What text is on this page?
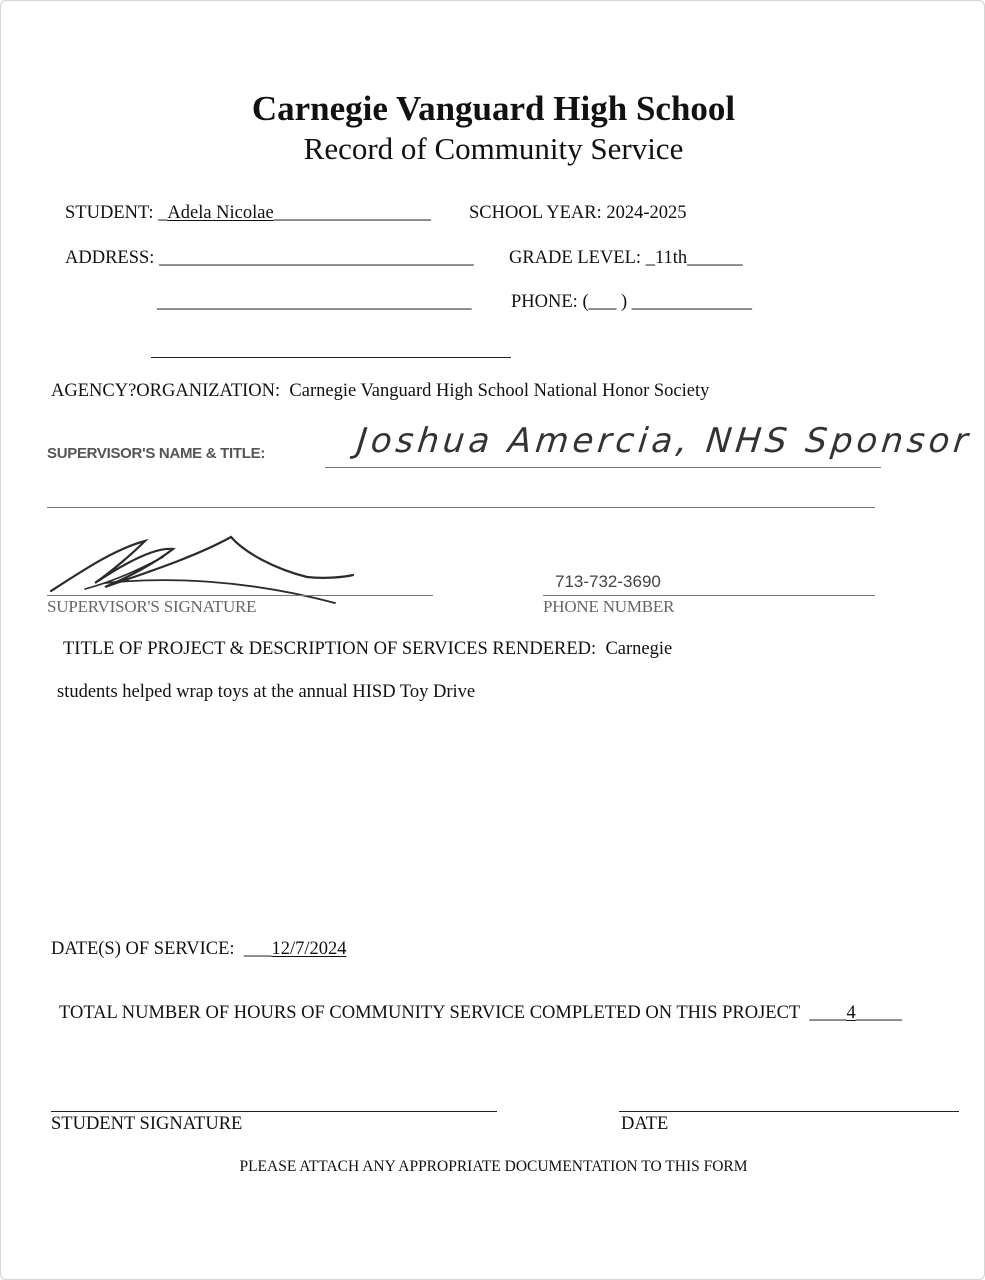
Carnegie Vanguard High School
Record of Community Service
STUDENT: _Adela Nicolae_________________ SCHOOL YEAR: 2024-2025
ADDRESS: __________________________________ GRADE LEVEL: _11th______
__________________________________ PHONE: (___ ) _____________
AGENCY?ORGANIZATION: Carnegie Vanguard High School National Honor Society
SUPERVISOR'S NAME & TITLE:	Joshua Amercia, NHS Sponsor
SUPERVISOR'S SIGNATURE
713-732-3690
PHONE NUMBER
TITLE OF PROJECT & DESCRIPTION OF SERVICES RENDERED: Carnegie
students helped wrap toys at the annual HISD Toy Drive
DATE(S) OF SERVICE: ___12/7/2024
TOTAL NUMBER OF HOURS OF COMMUNITY SERVICE COMPLETED ON THIS PROJECT ____4_____
STUDENT SIGNATURE	DATE
PLEASE ATTACH ANY APPROPRIATE DOCUMENTATION TO THIS FORM
